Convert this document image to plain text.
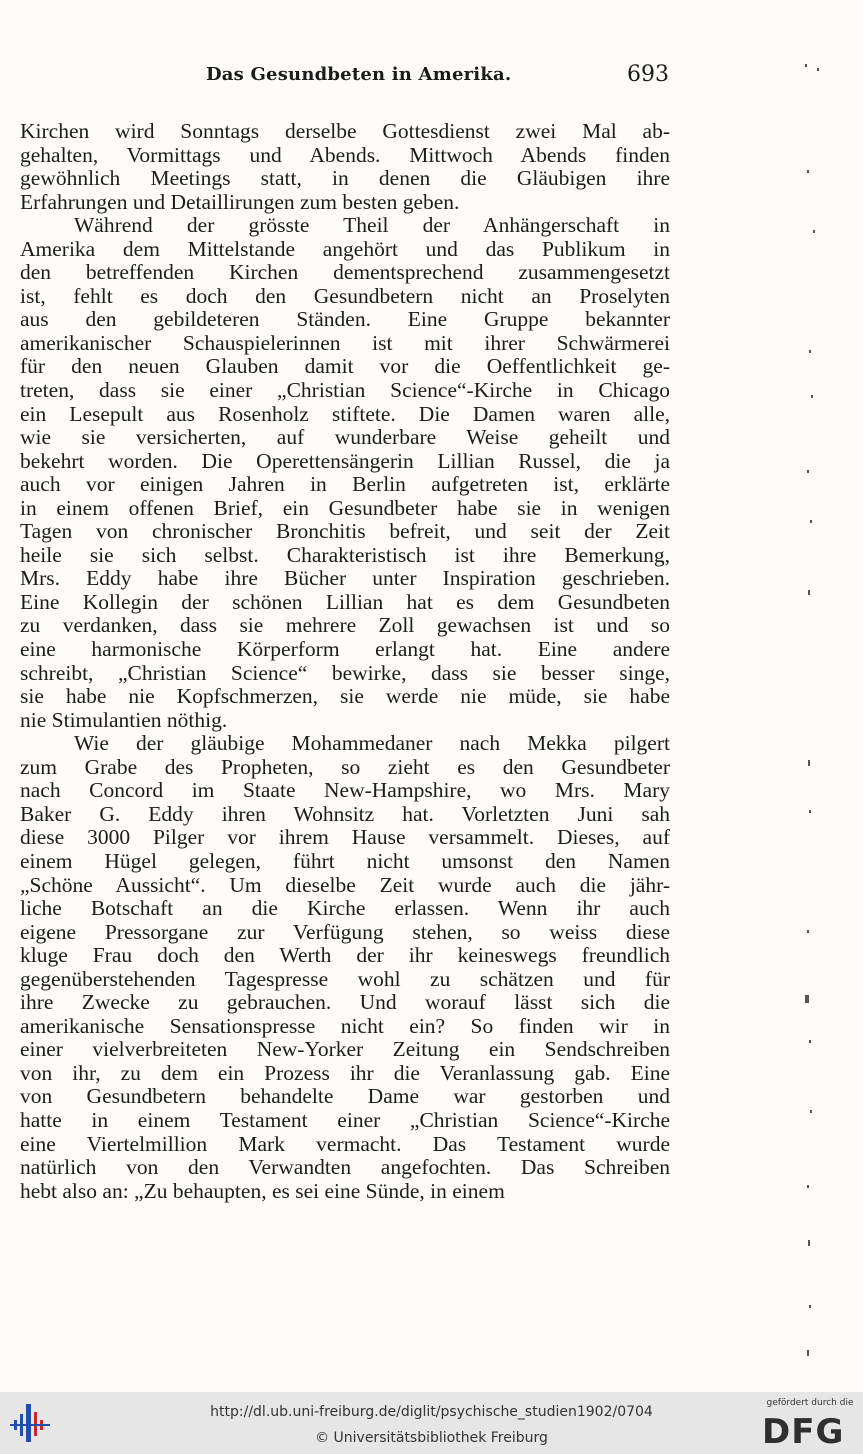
Das Gesundbeten in Amerika.	693
Kirchen wird Sonntags derselbe Gottesdienst zwei Mal ab-
gehalten, Vormittags und Abends. Mittwoch Abends finden
gewöhnlich Meetings statt, in denen die Gläubigen ihre
Erfahrungen und Detaillirungen zum besten geben.
Während der grösste Theil der Anhängerschaft in
Amerika dem Mittelstande angehört und das Publikum in
den betreffenden Kirchen dementsprechend zusammengesetzt
ist, fehlt es doch den Gesundbetern nicht an Proselyten
aus den gebildeteren Ständen. Eine Gruppe bekannter
amerikanischer Schauspielerinnen ist mit ihrer Schwärmerei
für den neuen Glauben damit vor die Oeffentlichkeit ge-
treten, dass sie einer „Christian Science“-Kirche in Chicago
ein Lesepult aus Rosenholz stiftete. Die Damen waren alle,
wie sie versicherten, auf wunderbare Weise geheilt und
bekehrt worden. Die Operettensängerin Lillian Russel, die ja
auch vor einigen Jahren in Berlin aufgetreten ist, erklärte
in einem offenen Brief, ein Gesundbeter habe sie in wenigen
Tagen von chronischer Bronchitis befreit, und seit der Zeit
heile sie sich selbst. Charakteristisch ist ihre Bemerkung,
Mrs. Eddy habe ihre Bücher unter Inspiration geschrieben.
Eine Kollegin der schönen Lillian hat es dem Gesundbeten
zu verdanken, dass sie mehrere Zoll gewachsen ist und so
eine harmonische Körperform erlangt hat. Eine andere
schreibt, „Christian Science“ bewirke, dass sie besser singe,
sie habe nie Kopfschmerzen, sie werde nie müde, sie habe
nie Stimulantien nöthig.
Wie der gläubige Mohammedaner nach Mekka pilgert
zum Grabe des Propheten, so zieht es den Gesundbeter
nach Concord im Staate New-Hampshire, wo Mrs. Mary
Baker G. Eddy ihren Wohnsitz hat. Vorletzten Juni sah
diese 3000 Pilger vor ihrem Hause versammelt. Dieses, auf
einem Hügel gelegen, führt nicht umsonst den Namen
„Schöne Aussicht“. Um dieselbe Zeit wurde auch die jähr-
liche Botschaft an die Kirche erlassen. Wenn ihr auch
eigene Pressorgane zur Verfügung stehen, so weiss diese
kluge Frau doch den Werth der ihr keineswegs freundlich
gegenüberstehenden Tagespresse wohl zu schätzen und für
ihre Zwecke zu gebrauchen. Und worauf lässt sich die
amerikanische Sensationspresse nicht ein? So finden wir in
einer vielverbreiteten New-Yorker Zeitung ein Sendschreiben
von ihr, zu dem ein Prozess ihr die Veranlassung gab. Eine
von Gesundbetern behandelte Dame war gestorben und
hatte in einem Testament einer „Christian Science“-Kirche
eine Viertelmillion Mark vermacht. Das Testament wurde
natürlich von den Verwandten angefochten. Das Schreiben
hebt also an: „Zu behaupten, es sei eine Sünde, in einem
http://dl.ub.uni-freiburg.de/diglit/psychische_studien1902/0704
© Universitätsbibliothek Freiburg
gefördert durch die
DFG
